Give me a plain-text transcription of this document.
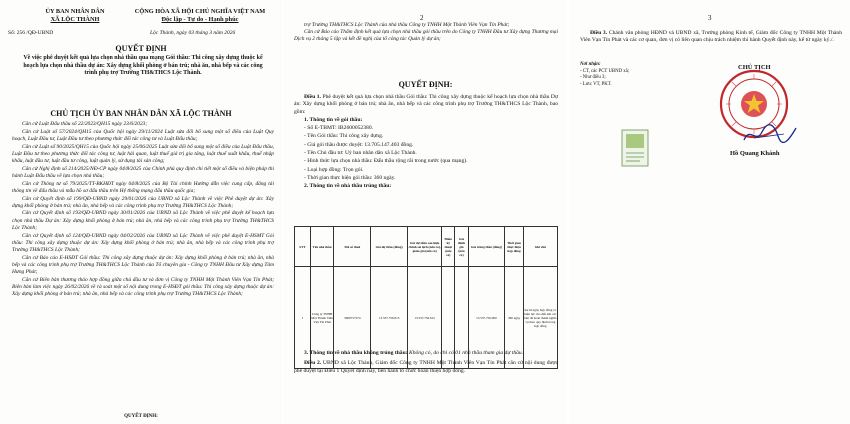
ỦY BAN NHÂN DÂN
XÃ LỘC THÀNH
CỘNG HÒA XÃ HỘI CHỦ NGHĨA VIỆT NAM
Độc lập - Tự do - Hạnh phúc
Số: 256 /QĐ-UBND	Lộc Thành, ngày 03 tháng 3 năm 2026
QUYẾT ĐỊNH
Về việc phê duyệt kết quả lựa chọn nhà thầu qua mạng Gói thầu: Thi công xây dựng thuộc kế hoạch lựa chọn nhà thầu dự án: Xây dựng khối phòng ở bán trú; nhà ăn, nhà bếp và các công trình phụ trợ Trường TH&THCS Lộc Thành.
CHỦ TỊCH ỦY BAN NHÂN DÂN XÃ LỘC THÀNH

Căn cứ Luật Đấu thầu số 22/2023/QH15 ngày 23/6/2023;

Căn cứ Luật số 57/2024/QH15 của Quốc hội ngày 29/11/2024 Luật sửa đổi bổ sung một số điều của Luật Quy hoạch, Luật Đầu tư, Luật Đầu tư theo phương thức đối tác công tư và Luật Đấu thầu;

Căn cứ Luật số 90/2025/QH15 của Quốc hội ngày 25/06/2025 Luật sửa đổi bổ sung một số điều của Luật Đấu thầu, Luật Đầu tư theo phương thức đối tác công tư, luật hải quan, luật thuế giá trị gia tăng, luật thuế xuất khẩu, thuế nhập khẩu, luật đầu tư, luật đầu tư công, luật quản lý, sử dụng tài sản công;

Căn cứ Nghị định số 214/2025/NĐ-CP ngày 04/8/2025 của Chính phủ quy định chi tiết một số điều và biện pháp thi hành Luật Đấu thầu về lựa chọn nhà thầu;

Căn cứ Thông tư số 79/2025/TT-BKHĐT ngày 04/8/2025 của Bộ Tài chính Hướng dẫn việc cung cấp, đăng tải thông tin về đấu thầu và mẫu hồ sơ đấu thầu trên Hệ thống mạng đấu thầu quốc gia;

Căn cứ Quyết định số 199/QĐ-UBND ngày 29/01/2026 của UBND xã Lộc Thành về việc Phê duyệt dự án: Xây dựng khối phòng ở bán trú; nhà ăn, nhà bếp và các công trình phụ trợ Trường TH&THCS Lộc Thành;

Căn cứ Quyết định số 193/QĐ-UBND ngày 30/01/2026 của UBND xã Lộc Thành về việc phê duyệt kế hoạch lựa chọn nhà thầu Dự án: Xây dựng khối phòng ở bán trú; nhà ăn, nhà bếp và các công trình phụ trợ Trường TH&THCS Lộc Thành;

Căn cứ Quyết định số 124/QĐ-UBND ngày 04/02/2026 của UBND xã Lộc Thành về việc phê duyệt E-HSMT Gói thầu: Thi công xây dựng thuộc dự án: Xây dựng khối phòng ở bán trú; nhà ăn, nhà bếp và các công trình phụ trợ Trường TH&THCS Lộc Thành;

Căn cứ Báo cáo E-HSĐT Gói thầu: Thi công xây dựng thuộc dự án: Xây dựng khối phòng ở bán trú; nhà ăn, nhà bếp và các công trình phụ trợ Trường TH&THCS Lộc Thành của Tổ chuyên gia - Công ty TNHH Đầu tư Xây dựng Tâm Hưng Phát;

Căn cứ Biên bản thương thảo hợp đồng giữa chủ đầu tư và đơn vị Công ty TNHH Một Thành Viên Vạn Tín Phát; Biên bản làm việc ngày 26/02/2026 về rà soát một số nội dung trong E-HSĐT gói thầu: Thi công xây dựng thuộc dự án: Xây dựng khối phòng ở bán trú; nhà ăn, nhà bếp và các công trình phụ trợ Trường TH&THCS Lộc Thành;

QUYẾT ĐỊNH:
2

trợ Trường TH&THCS Lộc Thành của nhà thầu Công ty TNHH Một Thành Viên Vạn Tín Phát;

Căn cứ Báo cáo Thẩm định kết quả lựa chọn nhà thầu gói thầu trên do Công ty TNHH Đầu tư Xây dựng Thương mại Dịch vụ 2 tháng 5 lập và kết đề nghị của tổ công tác Quản lý dự án;

QUYẾT ĐỊNH:

Điều 1. Phê duyệt kết quả lựa chọn nhà thầu Gói thầu: Thi công xây dựng thuộc kế hoạch lựa chọn nhà thầu Dự án: Xây dựng khối phòng ở bán trú; nhà ăn, nhà bếp và các công trình phụ trợ Trường TH&THCS Lộc Thành, bao gồm:

1. Thông tin về gói thầu:

- Số E-TBMT: IB2600052380.

- Tên Gói thầu: Thi công xây dựng.

- Giá gói thầu được duyệt: 13.705.147.403 đồng.

- Tên Chủ đầu tư: Uỷ ban nhân dân xã Lộc Thành.

- Hình thức lựa chọn nhà thầu: Đấu thầu rộng rãi trong nước (qua mạng).

- Loại hợp đồng: Trọn gói.

- Thời gian thực hiện gói thầu: 360 ngày.

2. Thông tin về nhà thầu trúng thầu:

STT	Tên nhà thầu	Mã số thuế	Giá dự thầu (đồng)	Giá dự thầu sau hiệu chỉnh sai lệch (nếu có), giảm giá (nếu có)	Điểm kỹ thuật (nếu có)	Giá đánh giá (nếu có)	Giá trúng thầu (đồng)	Thời gian thực hiện hợp đồng	Ghi chú
1	Công ty TNHH Một Thành Viên Vạn Tín Phát	3000757374	13.537.756.615	13.537.756.615			13.537.756.000	360 ngày	Kể từ ngày hợp đồng có hiệu lực cho đến khi các bên đã hoàn thành nghĩa vụ theo quy định trong hợp đồng

3. Thông tin về nhà thầu không trúng thầu: Không có, do chỉ có 01 nhà thầu tham gia dự thầu.

Điều 2. UBND xã Lộc Thành, Giám đốc Công ty TNHH Một Thành Viên Vạn Tín Phát căn cứ nội dung được phê duyệt tại Điều 1 Quyết định này, tiến hành tổ chức hoàn thiện hợp đồng.

3
Điều 3. Chánh văn phòng HĐND và UBND xã, Trưởng phòng Kinh tế, Giám đốc Công ty TNHH Một Thành Viên Vạn Tín Phát và các cơ quan, đơn vị có liên quan chịu trách nhiệm thi hành Quyết định này, kể từ ngày ký./.
Nơi nhận:
- CT, các PCT UBND xã;
- Như điều 3;
- Lưu: VT, PKT.
CHỦ TỊCH
Hồ Quang Khánh
